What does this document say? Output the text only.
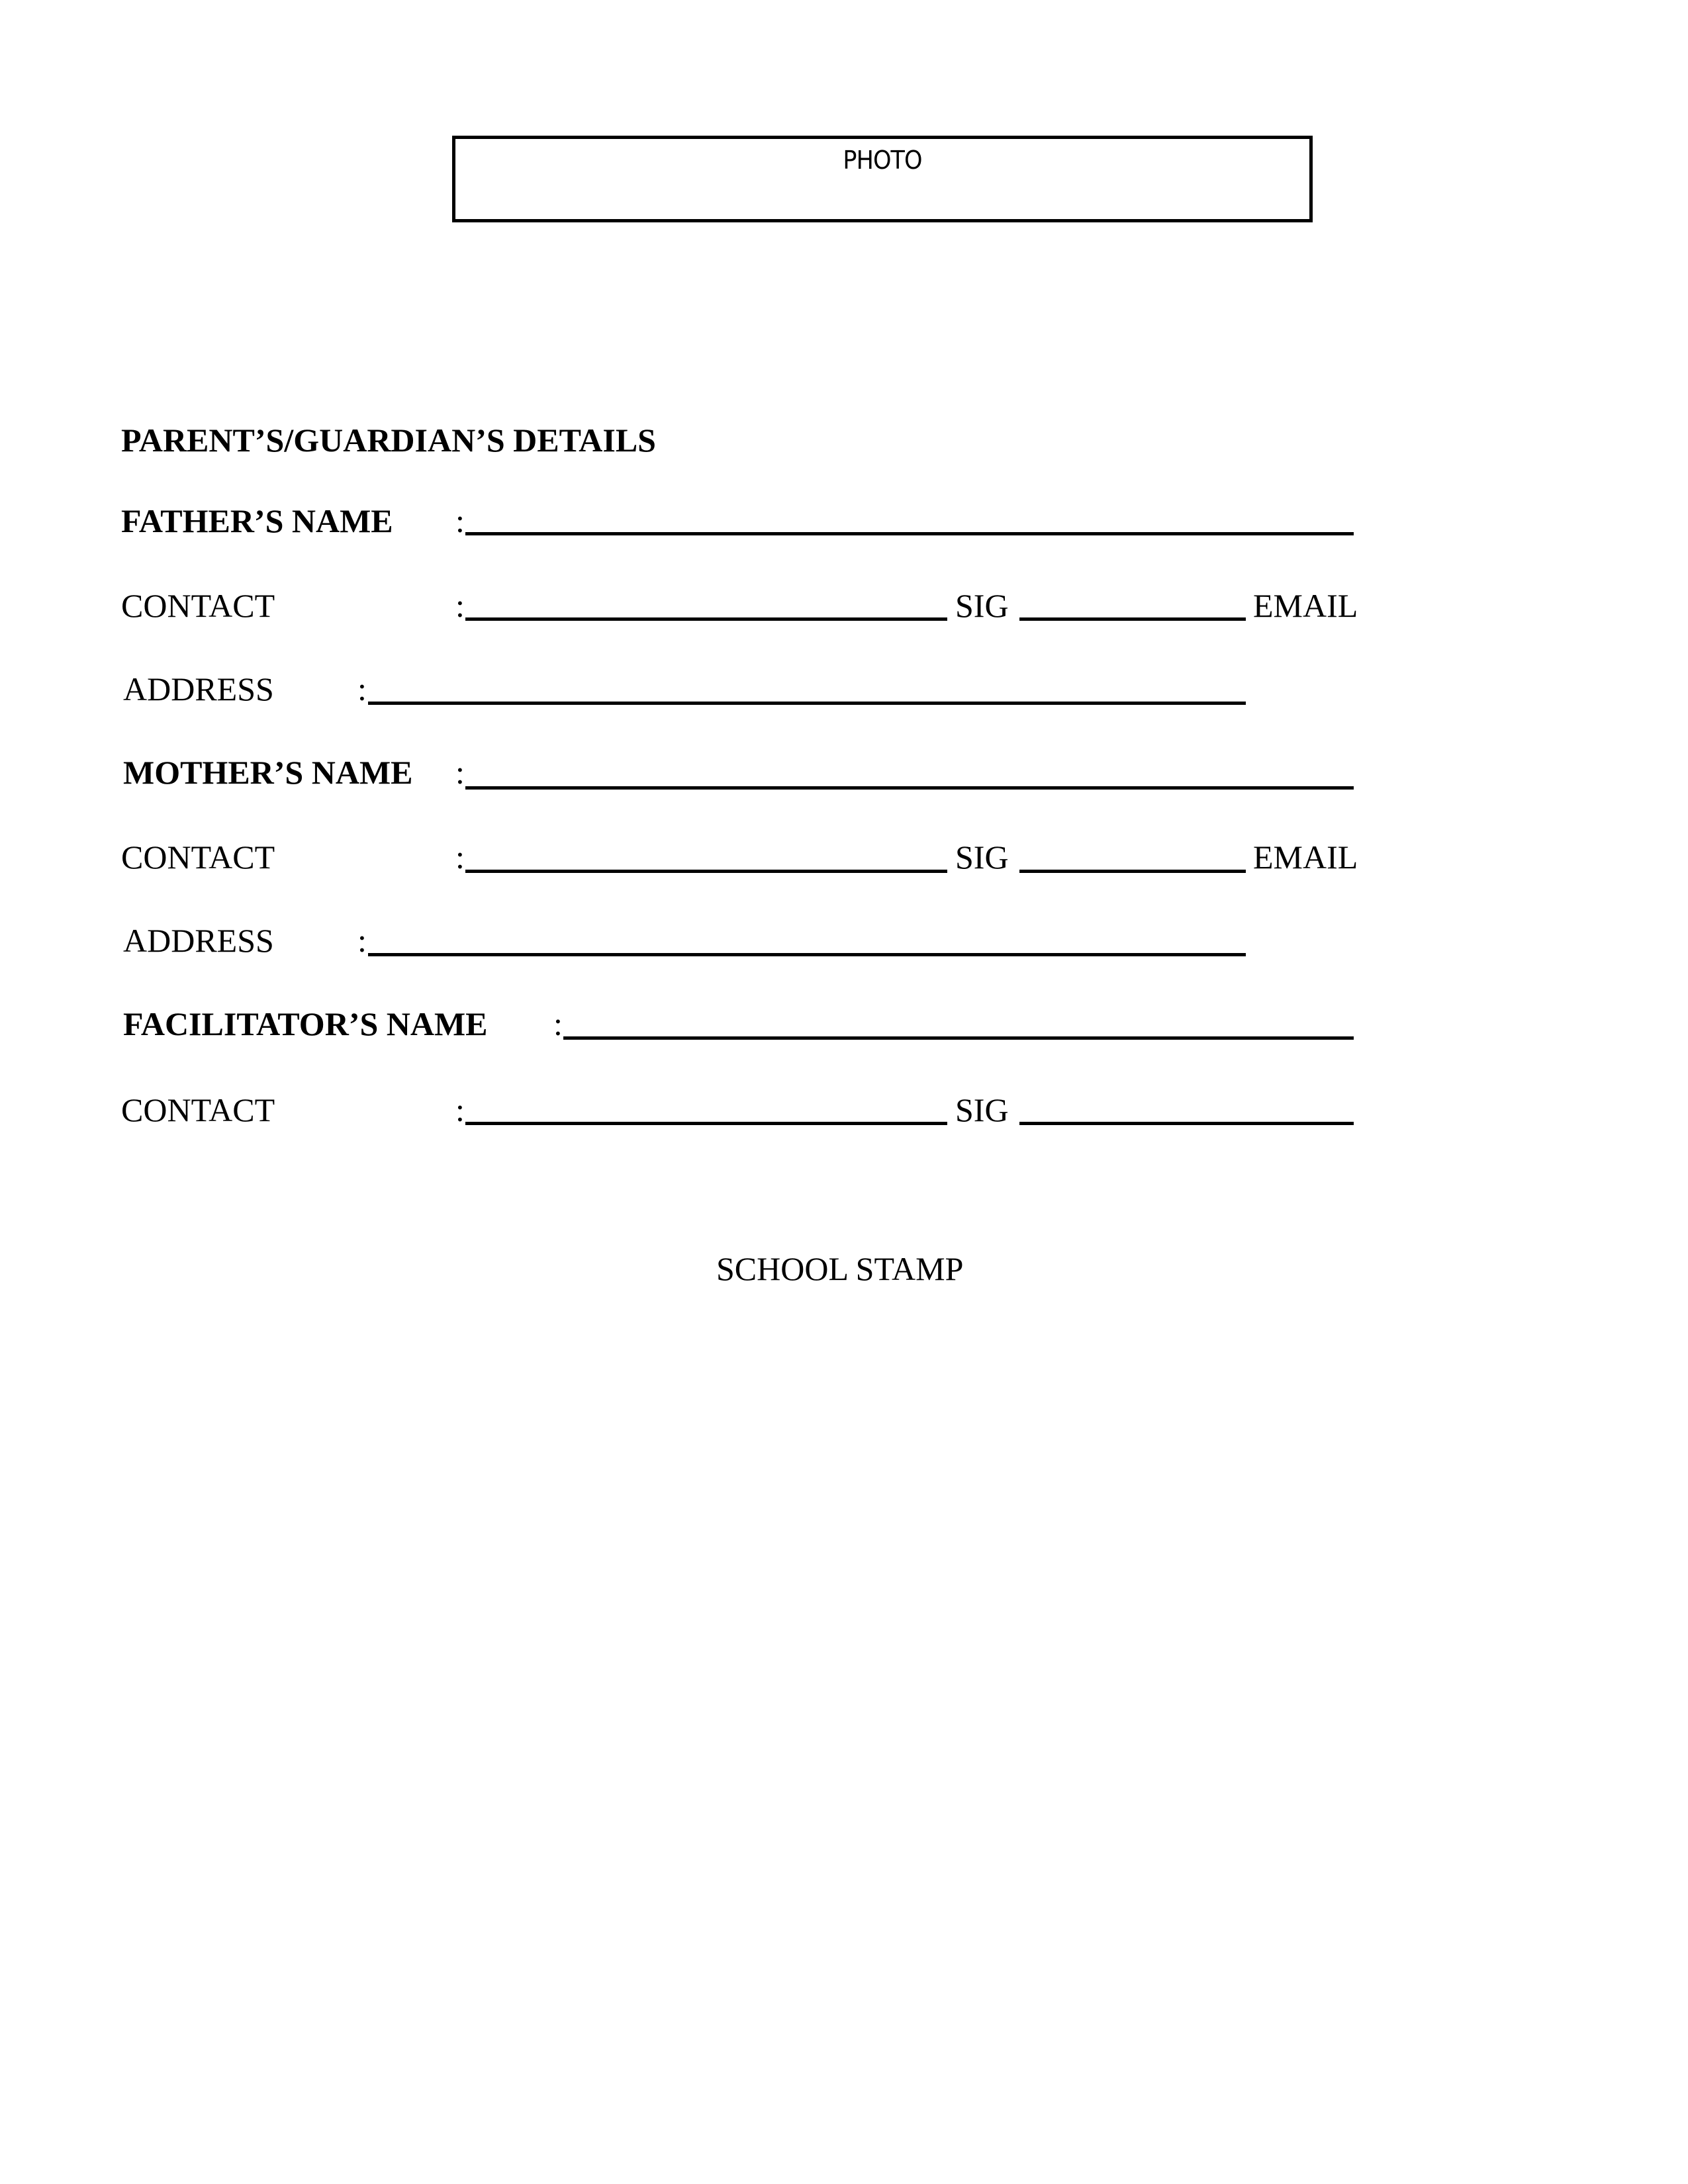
PHOTO
PARENT’S/GUARDIAN’S DETAILS
FATHER’S NAME :
CONTACT	:	SIG	EMAIL
ADDRESS	:
MOTHER’S NAME :
CONTACT	:	SIG	EMAIL
ADDRESS	:
FACILITATOR’S NAME :
CONTACT	:	SIG
SCHOOL STAMP
